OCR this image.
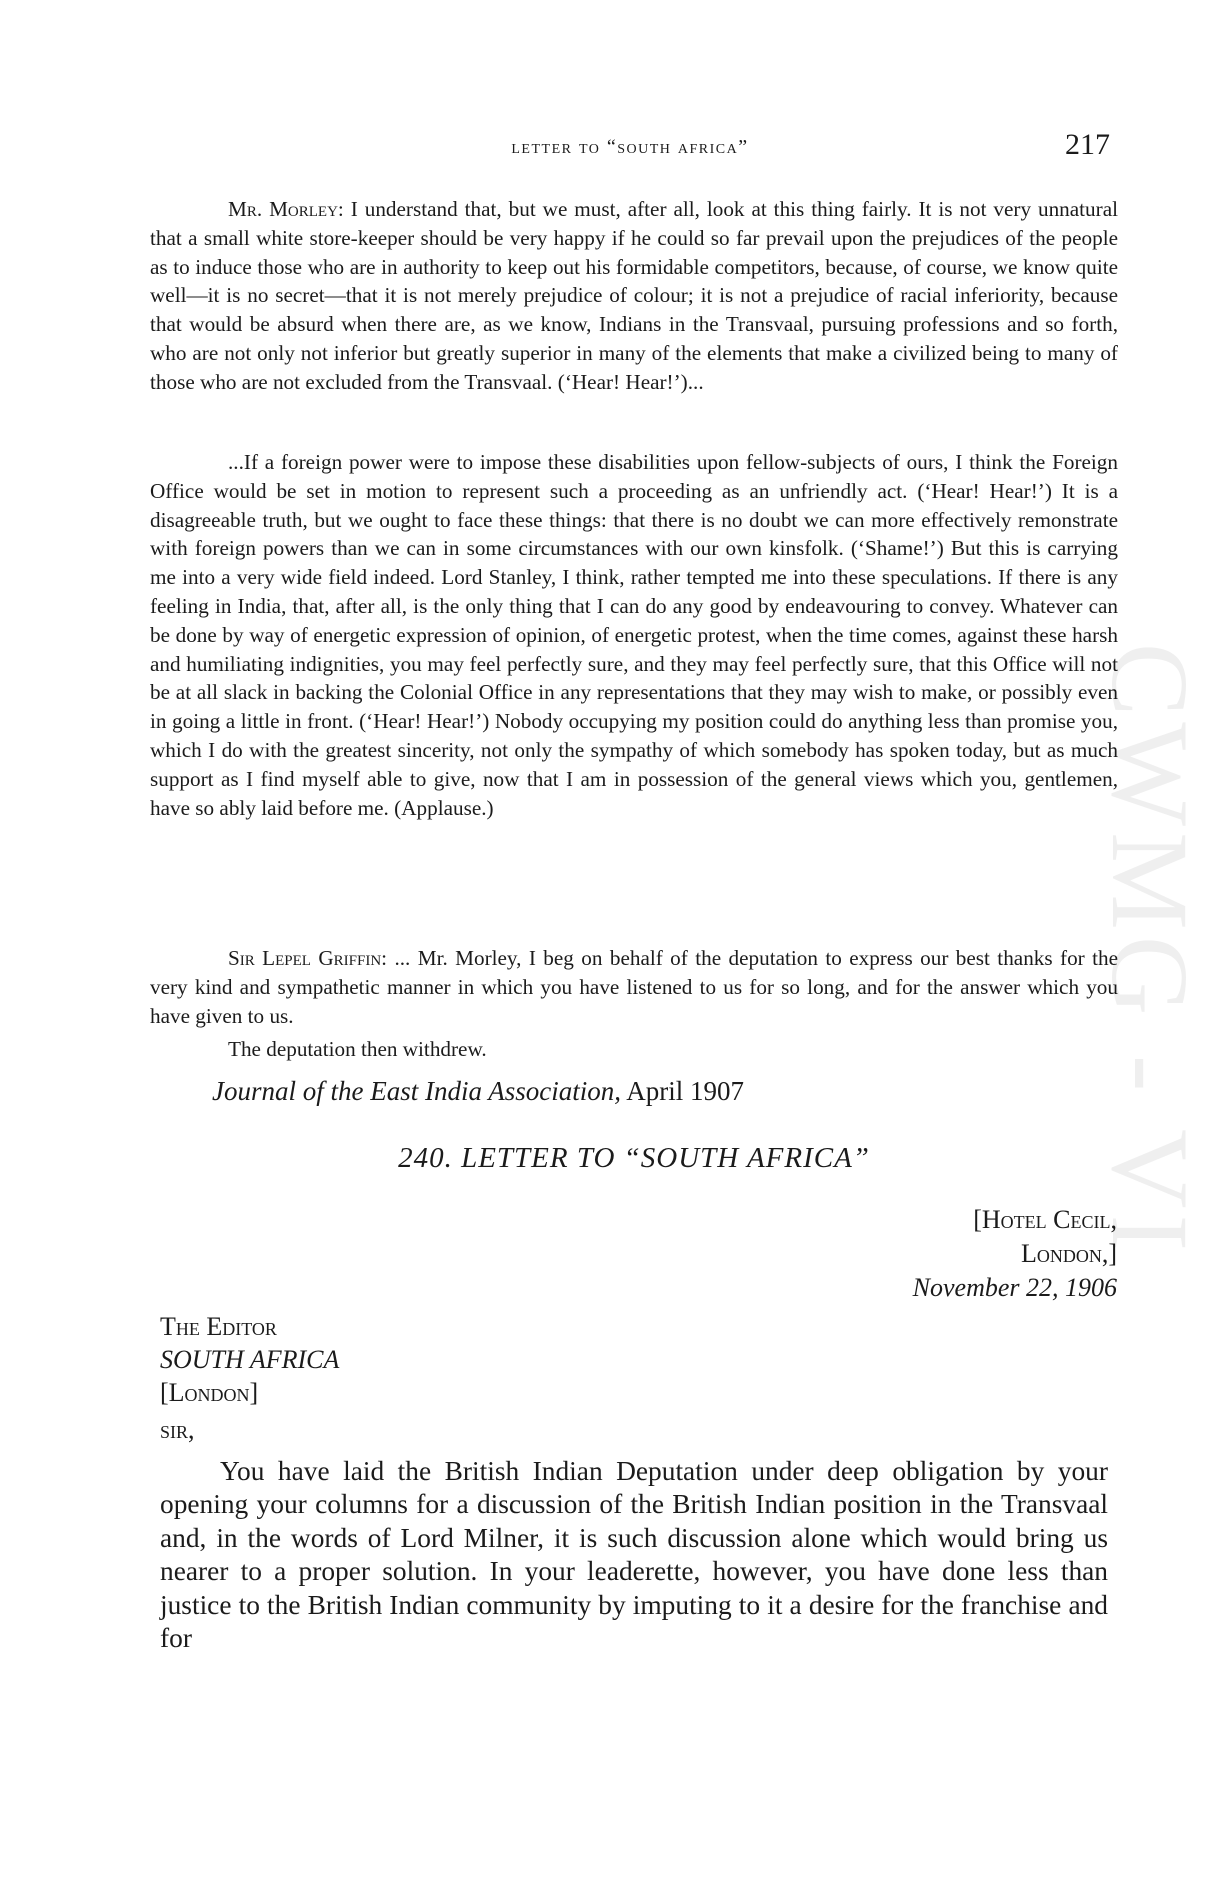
letter to “south africa”	217

Mr. Morley: I understand that, but we must, after all, look at this thing fairly. It is not very unnatural that a small white store-keeper should be very happy if he could so far prevail upon the prejudices of the people as to induce those who are in authority to keep out his formidable competitors, because, of course, we know quite well—it is no secret—that it is not merely prejudice of colour; it is not a prejudice of racial inferiority, because that would be absurd when there are, as we know, Indians in the Transvaal, pursuing professions and so forth, who are not only not inferior but greatly superior in many of the elements that make a civilized being to many of those who are not excluded from the Transvaal. (‘Hear! Hear!’)...

...If a foreign power were to impose these disabilities upon fellow-subjects of ours, I think the Foreign Office would be set in motion to represent such a proceeding as an unfriendly act. (‘Hear! Hear!’) It is a disagreeable truth, but we ought to face these things: that there is no doubt we can more effectively remonstrate with foreign powers than we can in some circumstances with our own kinsfolk. (‘Shame!’) But this is carrying me into a very wide field indeed. Lord Stanley, I think, rather tempted me into these speculations. If there is any feeling in India, that, after all, is the only thing that I can do any good by endeavouring to convey. Whatever can be done by way of energetic expression of opinion, of energetic protest, when the time comes, against these harsh and humiliating indignities, you may feel perfectly sure, and they may feel perfectly sure, that this Office will not be at all slack in backing the Colonial Office in any representations that they may wish to make, or possibly even in going a little in front. (‘Hear! Hear!’) Nobody occupying my position could do anything less than promise you, which I do with the greatest sincerity, not only the sympathy of which somebody has spoken today, but as much support as I find myself able to give, now that I am in possession of the general views which you, gentlemen, have so ably laid before me. (Applause.)

Sir Lepel Griffin: ... Mr. Morley, I beg on behalf of the deputation to express our best thanks for the very kind and sympathetic manner in which you have listened to us for so long, and for the answer which you have given to us.

The deputation then withdrew.

Journal of the East India Association, April 1907
240. LETTER TO “SOUTH AFRICA”
[Hotel Cecil,
London,]
November 22, 1906
The Editor
SOUTH AFRICA
[London]
sir,

You have laid the British Indian Deputation under deep obligation by your opening your columns for a discussion of the British Indian position in the Transvaal and, in the words of Lord Milner, it is such discussion alone which would bring us nearer to a proper solution. In your leaderette, however, you have done less than justice to the British Indian community by imputing to it a desire for the franchise and for

CWMG - VI
